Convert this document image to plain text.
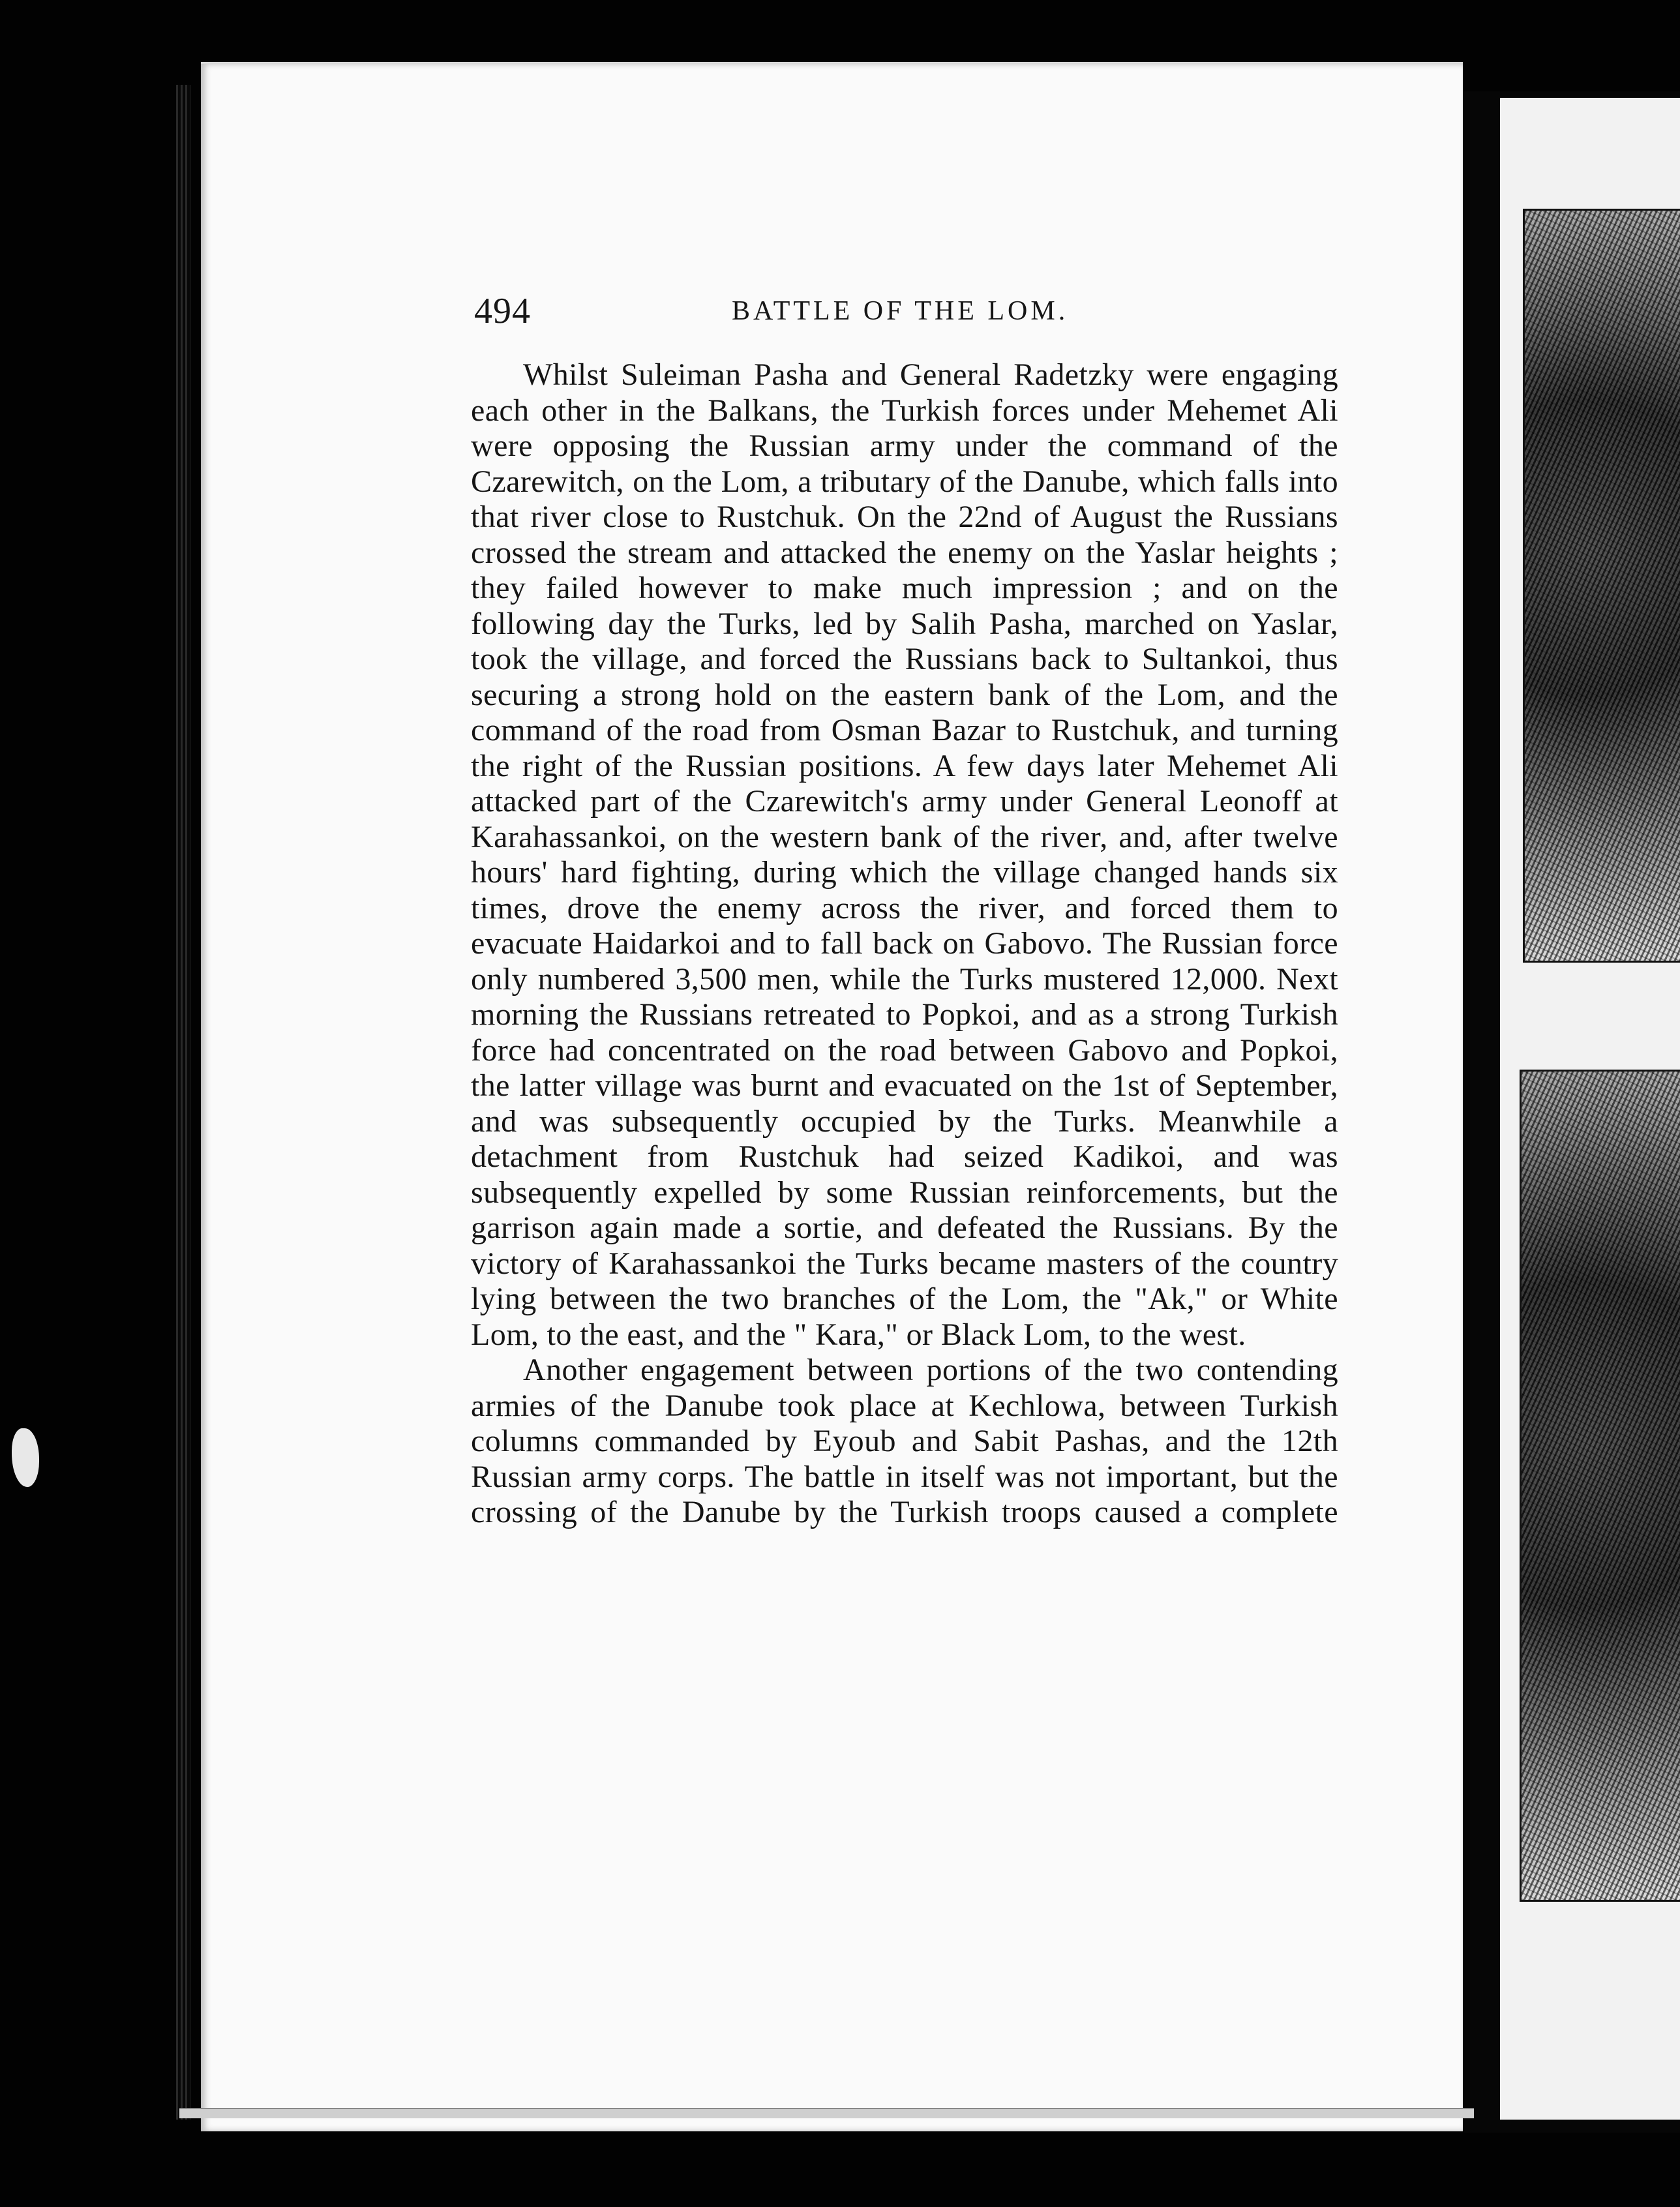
494	BATTLE OF THE LOM.

Whilst Suleiman Pasha and General Radetzky were engaging each other in the Balkans, the Turkish forces under Mehemet Ali were opposing the Russian army under the command of the Czarewitch, on the Lom, a tributary of the Danube, which falls into that river close to Rustchuk. On the 22nd of August the Russians crossed the stream and attacked the enemy on the Yaslar heights ; they failed however to make much impression ; and on the following day the Turks, led by Salih Pasha, marched on Yaslar, took the village, and forced the Russians back to Sultankoi, thus securing a strong hold on the eastern bank of the Lom, and the command of the road from Osman Bazar to Rustchuk, and turning the right of the Russian positions. A few days later Mehemet Ali attacked part of the Czarewitch's army under General Leonoff at Karahassankoi, on the western bank of the river, and, after twelve hours' hard fighting, during which the village changed hands six times, drove the enemy across the river, and forced them to evacuate Haidarkoi and to fall back on Gabovo. The Russian force only numbered 3,500 men, while the Turks mustered 12,000. Next morning the Russians retreated to Popkoi, and as a strong Turkish force had concentrated on the road between Gabovo and Popkoi, the latter village was burnt and evacuated on the 1st of September, and was subsequently occupied by the Turks. Meanwhile a detachment from Rustchuk had seized Kadikoi, and was subsequently expelled by some Russian reinforcements, but the garrison again made a sortie, and defeated the Russians. By the victory of Karahassankoi the Turks became masters of the country lying between the two branches of the Lom, the "Ak," or White Lom, to the east, and the " Kara," or Black Lom, to the west.

Another engagement between portions of the two contending armies of the Danube took place at Kechlowa, between Turkish columns commanded by Eyoub and Sabit Pashas, and the 12th Russian army corps. The battle in itself was not important, but the crossing of the Danube by the Turkish troops caused a complete
